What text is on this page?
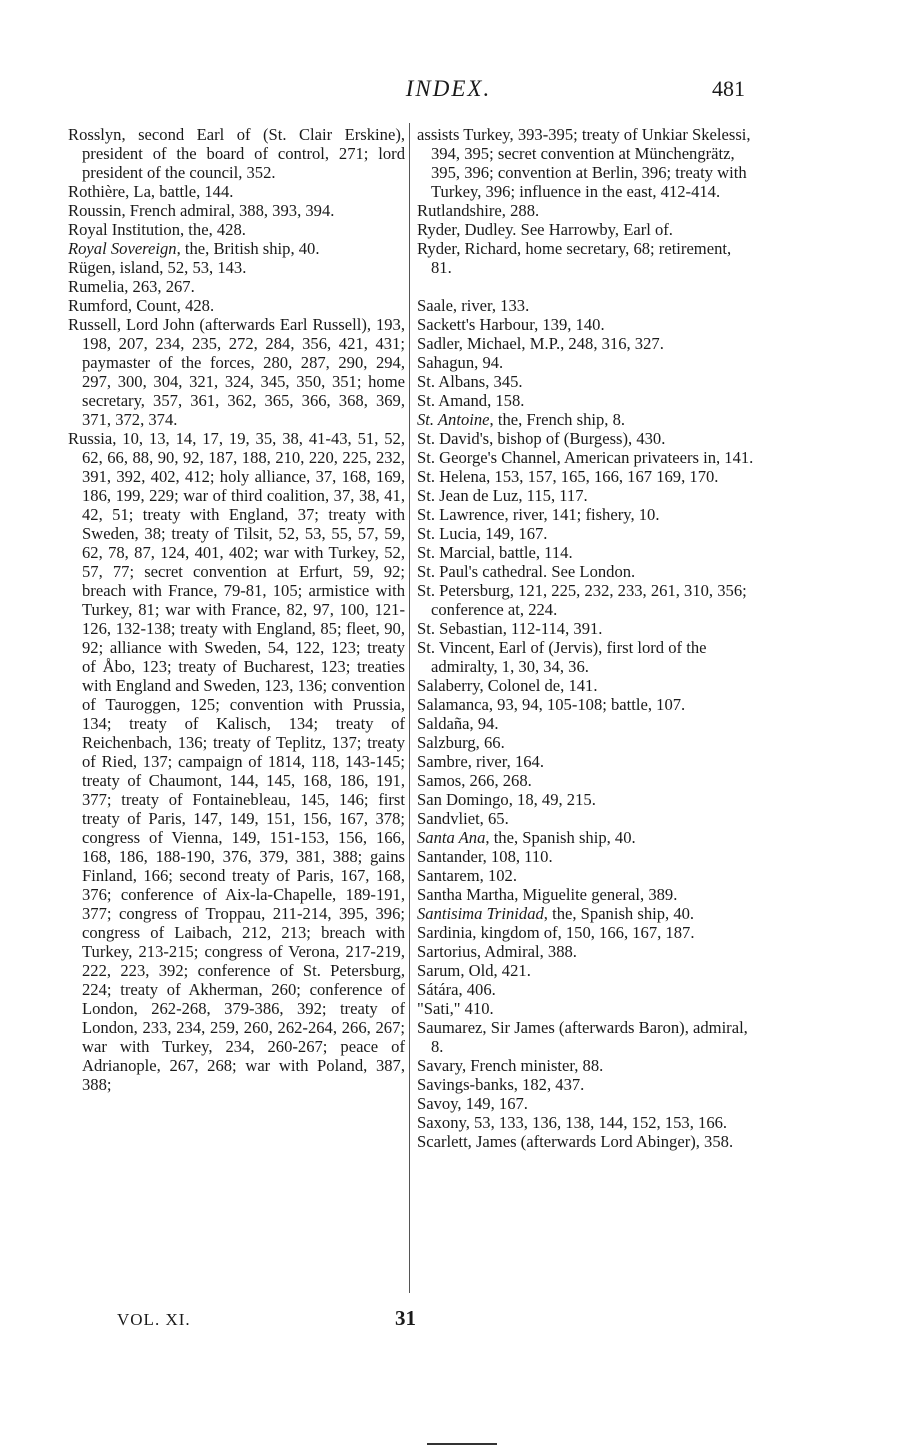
INDEX.	481

Rosslyn, second Earl of (St. Clair Erskine), president of the board of control, 271; lord president of the council, 352.

Rothière, La, battle, 144.

Roussin, French admiral, 388, 393, 394.

Royal Institution, the, 428.

Royal Sovereign, the, British ship, 40.

Rügen, island, 52, 53, 143.

Rumelia, 263, 267.

Rumford, Count, 428.

Russell, Lord John (afterwards Earl Russell), 193, 198, 207, 234, 235, 272, 284, 356, 421, 431; paymaster of the forces, 280, 287, 290, 294, 297, 300, 304, 321, 324, 345, 350, 351; home secretary, 357, 361, 362, 365, 366, 368, 369, 371, 372, 374.

Russia, 10, 13, 14, 17, 19, 35, 38, 41-43, 51, 52, 62, 66, 88, 90, 92, 187, 188, 210, 220, 225, 232, 391, 392, 402, 412; holy alliance, 37, 168, 169, 186, 199, 229; war of third coalition, 37, 38, 41, 42, 51; treaty with England, 37; treaty with Sweden, 38; treaty of Tilsit, 52, 53, 55, 57, 59, 62, 78, 87, 124, 401, 402; war with Turkey, 52, 57, 77; secret convention at Erfurt, 59, 92; breach with France, 79-81, 105; armistice with Turkey, 81; war with France, 82, 97, 100, 121-126, 132-138; treaty with England, 85; fleet, 90, 92; alliance with Sweden, 54, 122, 123; treaty of Åbo, 123; treaty of Bucharest, 123; treaties with England and Sweden, 123, 136; convention of Tauroggen, 125; convention with Prussia, 134; treaty of Kalisch, 134; treaty of Reichenbach, 136; treaty of Teplitz, 137; treaty of Ried, 137; campaign of 1814, 118, 143-145; treaty of Chaumont, 144, 145, 168, 186, 191, 377; treaty of Fontainebleau, 145, 146; first treaty of Paris, 147, 149, 151, 156, 167, 378; congress of Vienna, 149, 151-153, 156, 166, 168, 186, 188-190, 376, 379, 381, 388; gains Finland, 166; second treaty of Paris, 167, 168, 376; conference of Aix-la-Chapelle, 189-191, 377; congress of Troppau, 211-214, 395, 396; congress of Laibach, 212, 213; breach with Turkey, 213-215; congress of Verona, 217-219, 222, 223, 392; conference of St. Petersburg, 224; treaty of Akherman, 260; conference of London, 262-268, 379-386, 392; treaty of London, 233, 234, 259, 260, 262-264, 266, 267; war with Turkey, 234, 260-267; peace of Adrianople, 267, 268; war with Poland, 387, 388;

assists Turkey, 393-395; treaty of Unkiar Skelessi, 394, 395; secret convention at Münchengrätz, 395, 396; convention at Berlin, 396; treaty with Turkey, 396; influence in the east, 412-414.

Rutlandshire, 288.

Ryder, Dudley. See Harrowby, Earl of.

Ryder, Richard, home secretary, 68; retirement, 81.

Saale, river, 133.

Sackett's Harbour, 139, 140.

Sadler, Michael, M.P., 248, 316, 327.

Sahagun, 94.

St. Albans, 345.

St. Amand, 158.

St. Antoine, the, French ship, 8.

St. David's, bishop of (Burgess), 430.

St. George's Channel, American privateers in, 141.

St. Helena, 153, 157, 165, 166, 167 169, 170.

St. Jean de Luz, 115, 117.

St. Lawrence, river, 141; fishery, 10.

St. Lucia, 149, 167.

St. Marcial, battle, 114.

St. Paul's cathedral. See London.

St. Petersburg, 121, 225, 232, 233, 261, 310, 356; conference at, 224.

St. Sebastian, 112-114, 391.

St. Vincent, Earl of (Jervis), first lord of the admiralty, 1, 30, 34, 36.

Salaberry, Colonel de, 141.

Salamanca, 93, 94, 105-108; battle, 107.

Saldaña, 94.

Salzburg, 66.

Sambre, river, 164.

Samos, 266, 268.

San Domingo, 18, 49, 215.

Sandvliet, 65.

Santa Ana, the, Spanish ship, 40.

Santander, 108, 110.

Santarem, 102.

Santha Martha, Miguelite general, 389.

Santisima Trinidad, the, Spanish ship, 40.

Sardinia, kingdom of, 150, 166, 167, 187.

Sartorius, Admiral, 388.

Sarum, Old, 421.

Sátára, 406.

"Sati," 410.

Saumarez, Sir James (afterwards Baron), admiral, 8.

Savary, French minister, 88.

Savings-banks, 182, 437.

Savoy, 149, 167.

Saxony, 53, 133, 136, 138, 144, 152, 153, 166.

Scarlett, James (afterwards Lord Abinger), 358.

VOL. XI.	31
